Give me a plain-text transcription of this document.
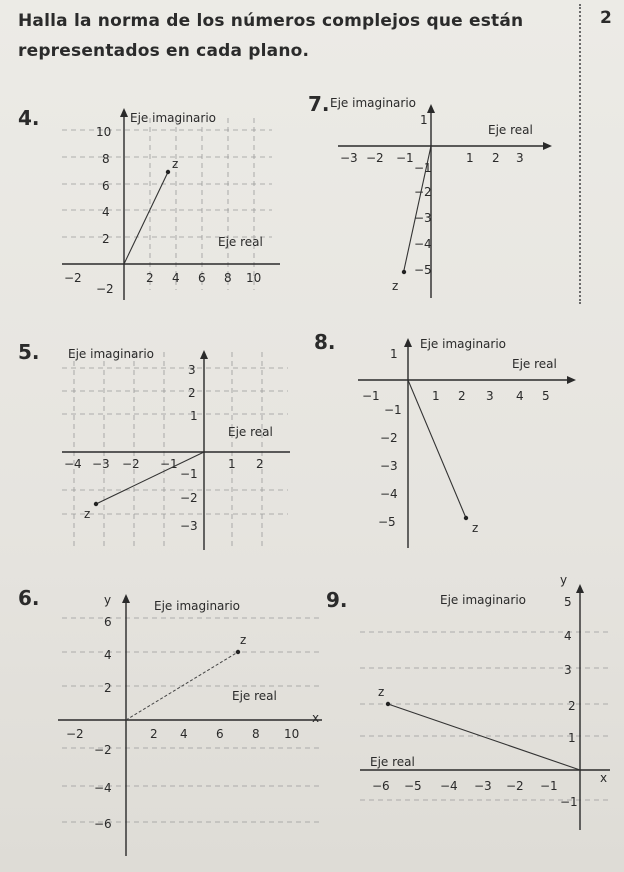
Halla la norma de los números complejos que están
representados en cada plano.
2
4.
5.
6.
7.
8.
9.
Eje imaginario
Eje real
10
8
6
4
2
−2
−2	2 4 6 8 10
z
Eje imaginario
Eje real
1
−1
−2
−3
−4
−5
−3 −2 −1	1 2 3
z
Eje imaginario
Eje real
3
2
1
−1
−2
−3
−4 −3 −2 −1	1 2
z
Eje imaginario
Eje real
1
−1
−2
−3
−4
−5
−1	1 2 3 4 5
z
y
x
Eje imaginario
Eje real
6
4
2
−2
−4
−6
−2	2 4 6 8 10
z
y
x
Eje imaginario
Eje real
5
4
3
2
1
−1
−6 −5 −4 −3 −2 −1
z
